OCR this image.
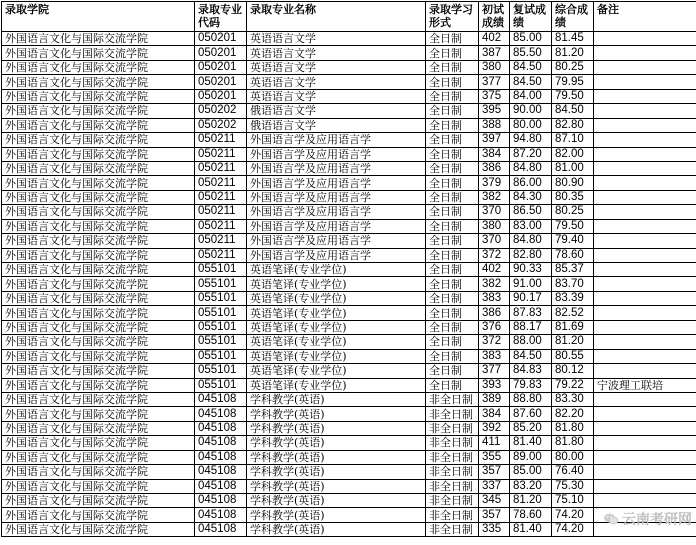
录取学院	录取专业代码	录取专业名称	录取学习形式	初试成绩	复试成绩	综合成绩	备注
外国语言文化与国际交流学院	050201	英语语言文学	全日制	402	85.00	81.45	
外国语言文化与国际交流学院	050201	英语语言文学	全日制	387	85.50	81.20	
外国语言文化与国际交流学院	050201	英语语言文学	全日制	380	84.50	80.25	
外国语言文化与国际交流学院	050201	英语语言文学	全日制	377	84.50	79.95	
外国语言文化与国际交流学院	050201	英语语言文学	全日制	375	84.00	79.50	
外国语言文化与国际交流学院	050202	俄语语言文学	全日制	395	90.00	84.50	
外国语言文化与国际交流学院	050202	俄语语言文学	全日制	388	80.00	82.80	
外国语言文化与国际交流学院	050211	外国语言学及应用语言学	全日制	397	94.80	87.10	
外国语言文化与国际交流学院	050211	外国语言学及应用语言学	全日制	384	87.20	82.00	
外国语言文化与国际交流学院	050211	外国语言学及应用语言学	全日制	386	84.80	81.00	
外国语言文化与国际交流学院	050211	外国语言学及应用语言学	全日制	379	86.00	80.90	
外国语言文化与国际交流学院	050211	外国语言学及应用语言学	全日制	382	84.30	80.35	
外国语言文化与国际交流学院	050211	外国语言学及应用语言学	全日制	370	86.50	80.25	
外国语言文化与国际交流学院	050211	外国语言学及应用语言学	全日制	380	83.00	79.50	
外国语言文化与国际交流学院	050211	外国语言学及应用语言学	全日制	370	84.80	79.40	
外国语言文化与国际交流学院	050211	外国语言学及应用语言学	全日制	372	82.80	78.60	
外国语言文化与国际交流学院	055101	英语笔译(专业学位)	全日制	402	90.33	85.37	
外国语言文化与国际交流学院	055101	英语笔译(专业学位)	全日制	382	91.00	83.70	
外国语言文化与国际交流学院	055101	英语笔译(专业学位)	全日制	383	90.17	83.39	
外国语言文化与国际交流学院	055101	英语笔译(专业学位)	全日制	386	87.83	82.52	
外国语言文化与国际交流学院	055101	英语笔译(专业学位)	全日制	376	88.17	81.69	
外国语言文化与国际交流学院	055101	英语笔译(专业学位)	全日制	372	88.00	81.20	
外国语言文化与国际交流学院	055101	英语笔译(专业学位)	全日制	383	84.50	80.55	
外国语言文化与国际交流学院	055101	英语笔译(专业学位)	全日制	377	84.83	80.12	
外国语言文化与国际交流学院	055101	英语笔译(专业学位)	全日制	393	79.83	79.22	宁波理工联培
外国语言文化与国际交流学院	045108	学科教学(英语)	非全日制	389	88.80	83.30	
外国语言文化与国际交流学院	045108	学科教学(英语)	非全日制	384	87.60	82.20	
外国语言文化与国际交流学院	045108	学科教学(英语)	非全日制	392	85.20	81.80	
外国语言文化与国际交流学院	045108	学科教学(英语)	非全日制	411	81.40	81.80	
外国语言文化与国际交流学院	045108	学科教学(英语)	非全日制	355	89.00	80.00	
外国语言文化与国际交流学院	045108	学科教学(英语)	非全日制	357	85.00	76.40	
外国语言文化与国际交流学院	045108	学科教学(英语)	非全日制	337	83.20	75.30	
外国语言文化与国际交流学院	045108	学科教学(英语)	非全日制	345	81.20	75.10	
外国语言文化与国际交流学院	045108	学科教学(英语)	非全日制	357	78.60	74.20	
外国语言文化与国际交流学院	045108	学科教学(英语)	非全日制	335	81.40	74.20	
云南考研网
